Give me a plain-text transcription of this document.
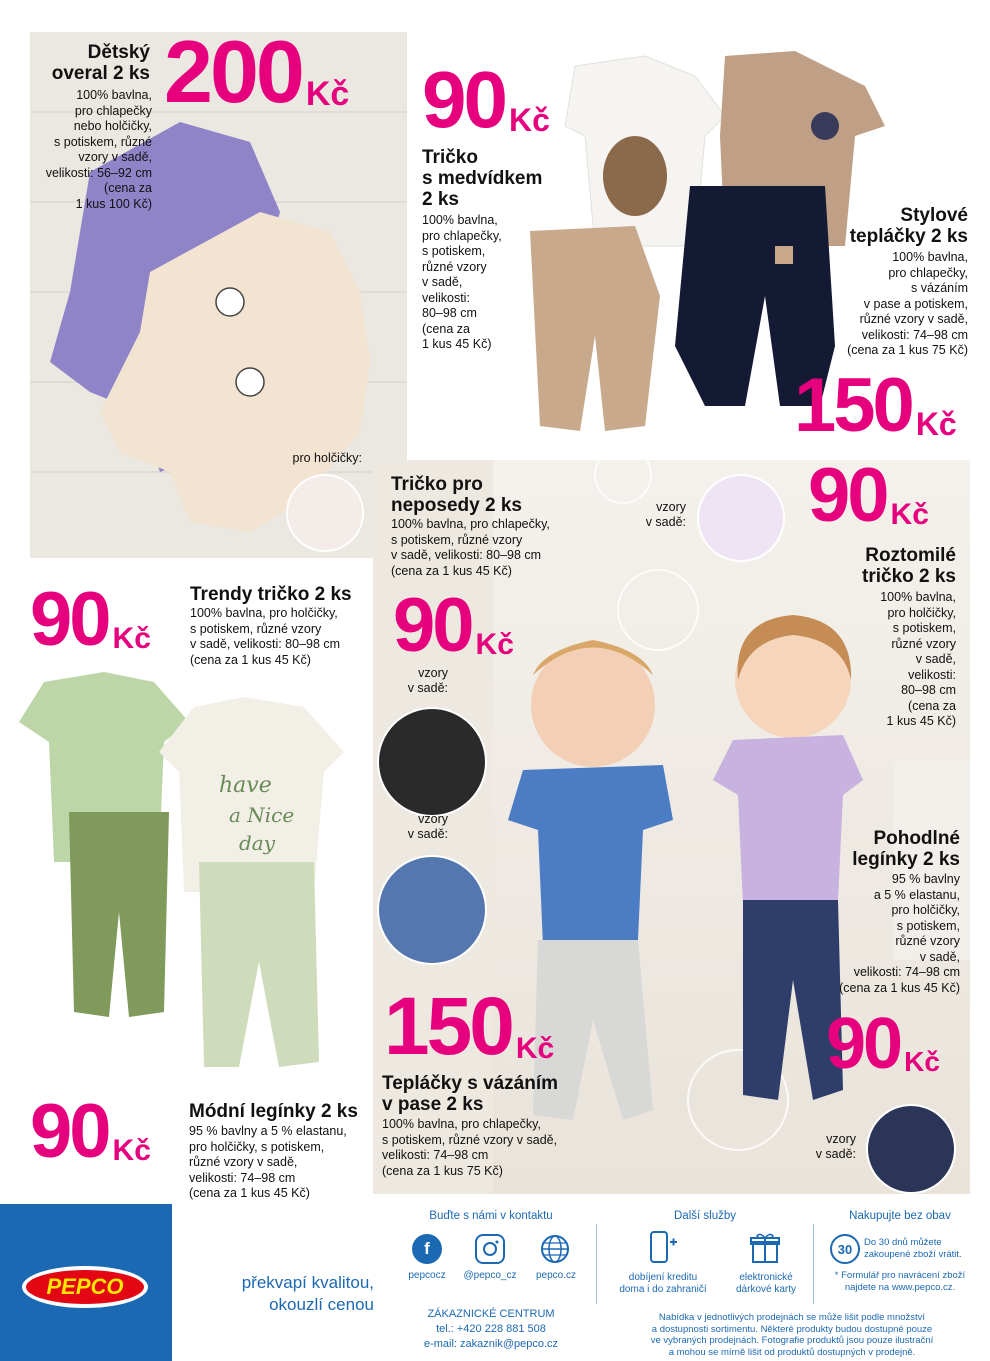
have
a Nice
day
Dětský
overal 2 ks
100% bavlna,
pro chlapečky
nebo holčičky,
s potiskem, různé
vzory v sadě,
velikosti: 56–92 cm
(cena za
1 kus 100 Kč)
200 Kč
pro holčičky:
90 Kč
Tričko
s medvídkem
2 ks
100% bavlna,
pro chlapečky,
s potiskem,
různé vzory
v sadě,
velikosti:
80–98 cm
(cena za
1 kus 45 Kč)
Stylové
tepláčky 2 ks
100% bavlna,
pro chlapečky,
s vázáním
v pase a potiskem,
různé vzory v sadě,
velikosti: 74–98 cm
(cena za 1 kus 75 Kč)
150 Kč
Tričko pro
neposedy 2 ks
100% bavlna, pro chlapečky,
s potiskem, různé vzory
v sadě, velikosti: 80–98 cm
(cena za 1 kus 45 Kč)
90 Kč
vzory
v sadě:
vzory
v sadě:
90 Kč
vzory
v sadě:
Roztomilé
tričko 2 ks
100% bavlna,
pro holčičky,
s potiskem,
různé vzory
v sadě,
velikosti:
80–98 cm
(cena za
1 kus 45 Kč)
90 Kč
Trendy tričko 2 ks
100% bavlna, pro holčičky,
s potiskem, různé vzory
v sadě, velikosti: 80–98 cm
(cena za 1 kus 45 Kč)
Pohodlné
legínky 2 ks
95 % bavlny
a 5 % elastanu,
pro holčičky,
s potiskem,
různé vzory
v sadě,
velikosti: 74–98 cm
(cena za 1 kus 45 Kč)
90 Kč
vzory
v sadě:
150 Kč
Tepláčky s vázáním
v pase 2 ks
100% bavlna, pro chlapečky,
s potiskem, různé vzory v sadě,
velikosti: 74–98 cm
(cena za 1 kus 75 Kč)
90 Kč
Módní legínky 2 ks
95 % bavlny a 5 % elastanu,
pro holčičky, s potiskem,
různé vzory v sadě,
velikosti: 74–98 cm
(cena za 1 kus 45 Kč)
PEPCO	překvapí kvalitou,
okouzlí cenou
Buďte s námi v kontaktu
f
pepcocz	@pepco_cz	pepco.cz
ZÁKAZNICKÉ CENTRUM
tel.: +420 228 881 508
e-mail: zakaznik@pepco.cz
Další služby
dobíjení kreditu
doma i do zahraničí
elektronické
dárkové karty
Nakupujte bez obav
30 Do 30 dnů můžete
zakoupené zboží vrátit.
* Formulář pro navrácení zboží
najdete na www.pepco.cz.
Nabídka v jednotlivých prodejnách se může lišit podle množství
a dostupnosti sortimentu. Některé produkty budou dostupné pouze
ve vybraných prodejnách. Fotografie produktů jsou pouze ilustrační
a mohou se mírně lišit od produktů dostupných v prodejně.
